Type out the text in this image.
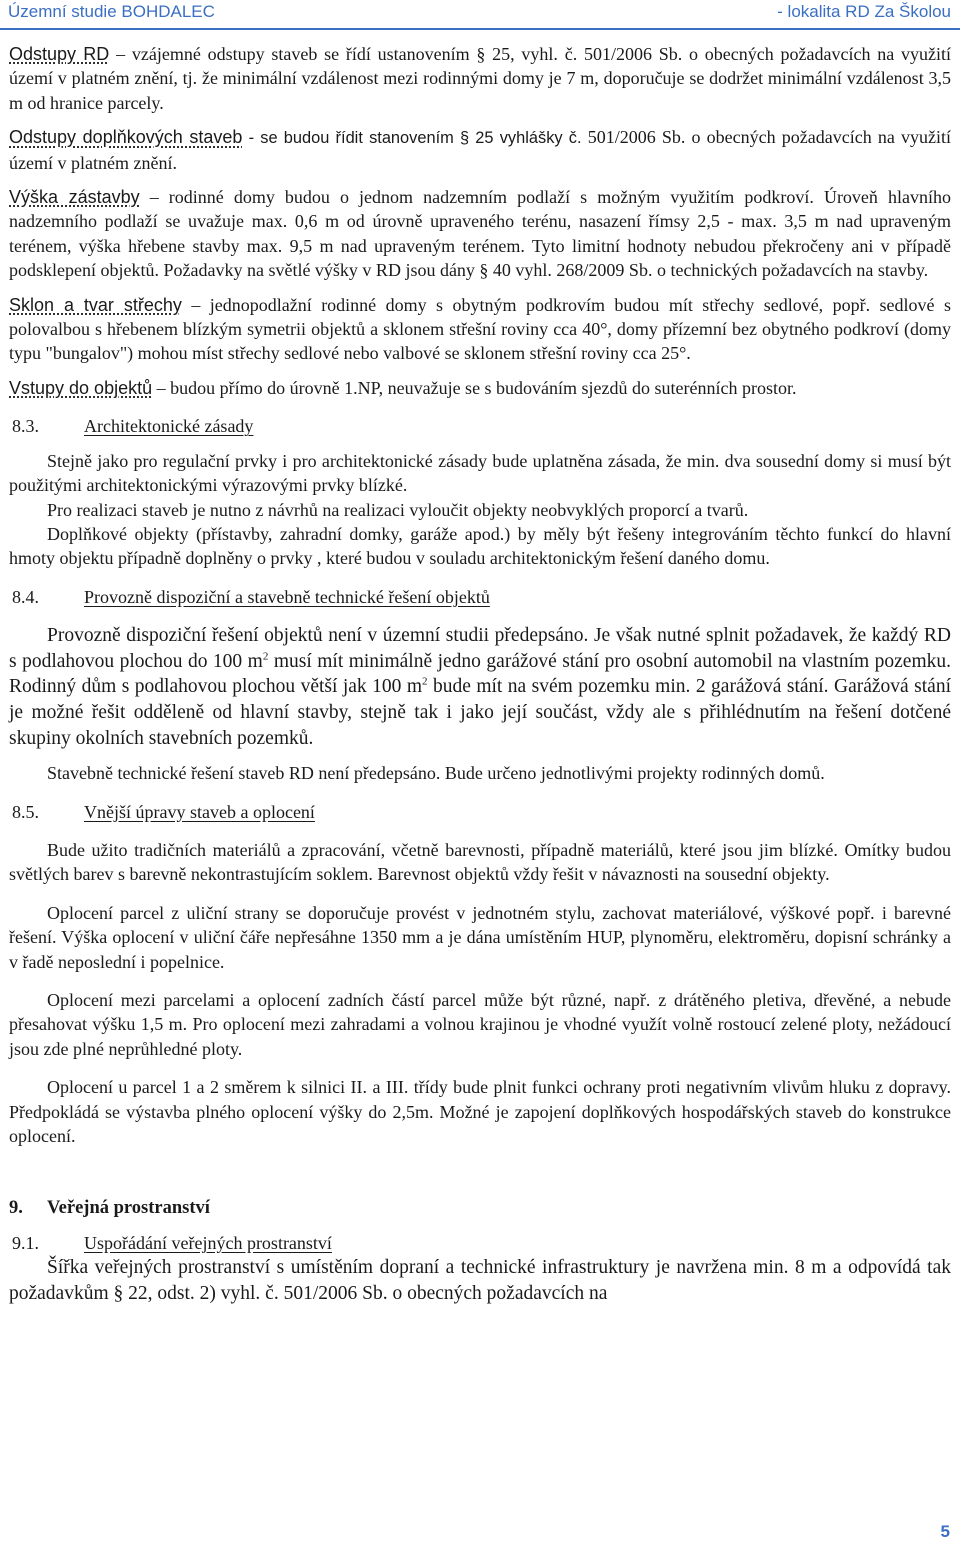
Územní studie BOHDALEC	- lokalita RD Za Školou

Odstupy RD – vzájemné odstupy staveb se řídí ustanovením § 25, vyhl. č. 501/2006 Sb. o obecných požadavcích na využití území v platném znění, tj. že minimální vzdálenost mezi rodinnými domy je 7 m, doporučuje se dodržet minimální vzdálenost 3,5 m od hranice parcely.

Odstupy doplňkových staveb - se budou řídit stanovením § 25 vyhlášky č. 501/2006 Sb. o obecných požadavcích na využití území v platném znění.

Výška zástavby – rodinné domy budou o jednom nadzemním podlaží s možným využitím podkroví. Úroveň hlavního nadzemního podlaží se uvažuje max. 0,6 m od úrovně upraveného terénu, nasazení římsy 2,5 - max. 3,5 m nad upraveným terénem, výška hřebene stavby max. 9,5 m nad upraveným terénem. Tyto limitní hodnoty nebudou překročeny ani v případě podsklepení objektů. Požadavky na světlé výšky v RD jsou dány § 40 vyhl. 268/2009 Sb. o technických požadavcích na stavby.

Sklon a tvar střechy – jednopodlažní rodinné domy s obytným podkrovím budou mít střechy sedlové, popř. sedlové s polovalbou s hřebenem blízkým symetrii objektů a sklonem střešní roviny cca 40°, domy přízemní bez obytného podkroví (domy typu "bungalov") mohou míst střechy sedlové nebo valbové se sklonem střešní roviny cca 25°.

Vstupy do objektů – budou přímo do úrovně 1.NP, neuvažuje se s budováním sjezdů do suterénních prostor.

8.3.	Architektonické zásady

Stejně jako pro regulační prvky i pro architektonické zásady bude uplatněna zásada, že min. dva sousední domy si musí být použitými architektonickými výrazovými prvky blízké.

Pro realizaci staveb je nutno z návrhů na realizaci vyloučit objekty neobvyklých proporcí a tvarů.

Doplňkové objekty (přístavby, zahradní domky, garáže apod.) by měly být řešeny integrováním těchto funkcí do hlavní hmoty objektu případně doplněny o prvky , které budou v souladu architektonickým řešení daného domu.

8.4.	Provozně dispoziční a stavebně technické řešení objektů

Provozně dispoziční řešení objektů není v územní studii předepsáno. Je však nutné splnit požadavek, že každý RD s podlahovou plochou do 100 $m^2$ musí mít minimálně jedno garážové stání pro osobní automobil na vlastním pozemku. Rodinný dům s podlahovou plochou větší jak 100 $m^2$ bude mít na svém pozemku min. 2 garážová stání. Garážová stání je možné řešit odděleně od hlavní stavby, stejně tak i jako její součást, vždy ale s přihlédnutím na řešení dotčené skupiny okolních stavebních pozemků.

Stavebně technické řešení staveb RD není předepsáno. Bude určeno jednotlivými projekty rodinných domů.

8.5.	Vnější úpravy staveb a oplocení

Bude užito tradičních materiálů a zpracování, včetně barevnosti, případně materiálů, které jsou jim blízké. Omítky budou světlých barev s barevně nekontrastujícím soklem. Barevnost objektů vždy řešit v návaznosti na sousední objekty.

Oplocení parcel z uliční strany se doporučuje provést v jednotném stylu, zachovat materiálové, výškové popř. i barevné řešení. Výška oplocení v uliční čáře nepřesáhne 1350 mm a je dána umístěním HUP, plynoměru, elektroměru, dopisní schránky a v řadě neposlední i popelnice.

Oplocení mezi parcelami a oplocení zadních částí parcel může být různé, např. z drátěného pletiva, dřevěné, a nebude přesahovat výšku 1,5 m. Pro oplocení mezi zahradami a volnou krajinou je vhodné využít volně rostoucí zelené ploty, nežádoucí jsou zde plné neprůhledné ploty.

Oplocení u parcel 1 a 2 směrem k silnici II. a III. třídy bude plnit funkci ochrany proti negativním vlivům hluku z dopravy. Předpokládá se výstavba plného oplocení výšky do 2,5m. Možné je zapojení doplňkových hospodářských staveb do konstrukce oplocení.

9.	Veřejná prostranství
9.1.	Uspořádání veřejných prostranství

Šířka veřejných prostranství s umístěním dopraní a technické infrastruktury je navržena min. 8 m a odpovídá tak požadavkům § 22, odst. 2) vyhl. č. 501/2006 Sb. o obecných požadavcích na

5
